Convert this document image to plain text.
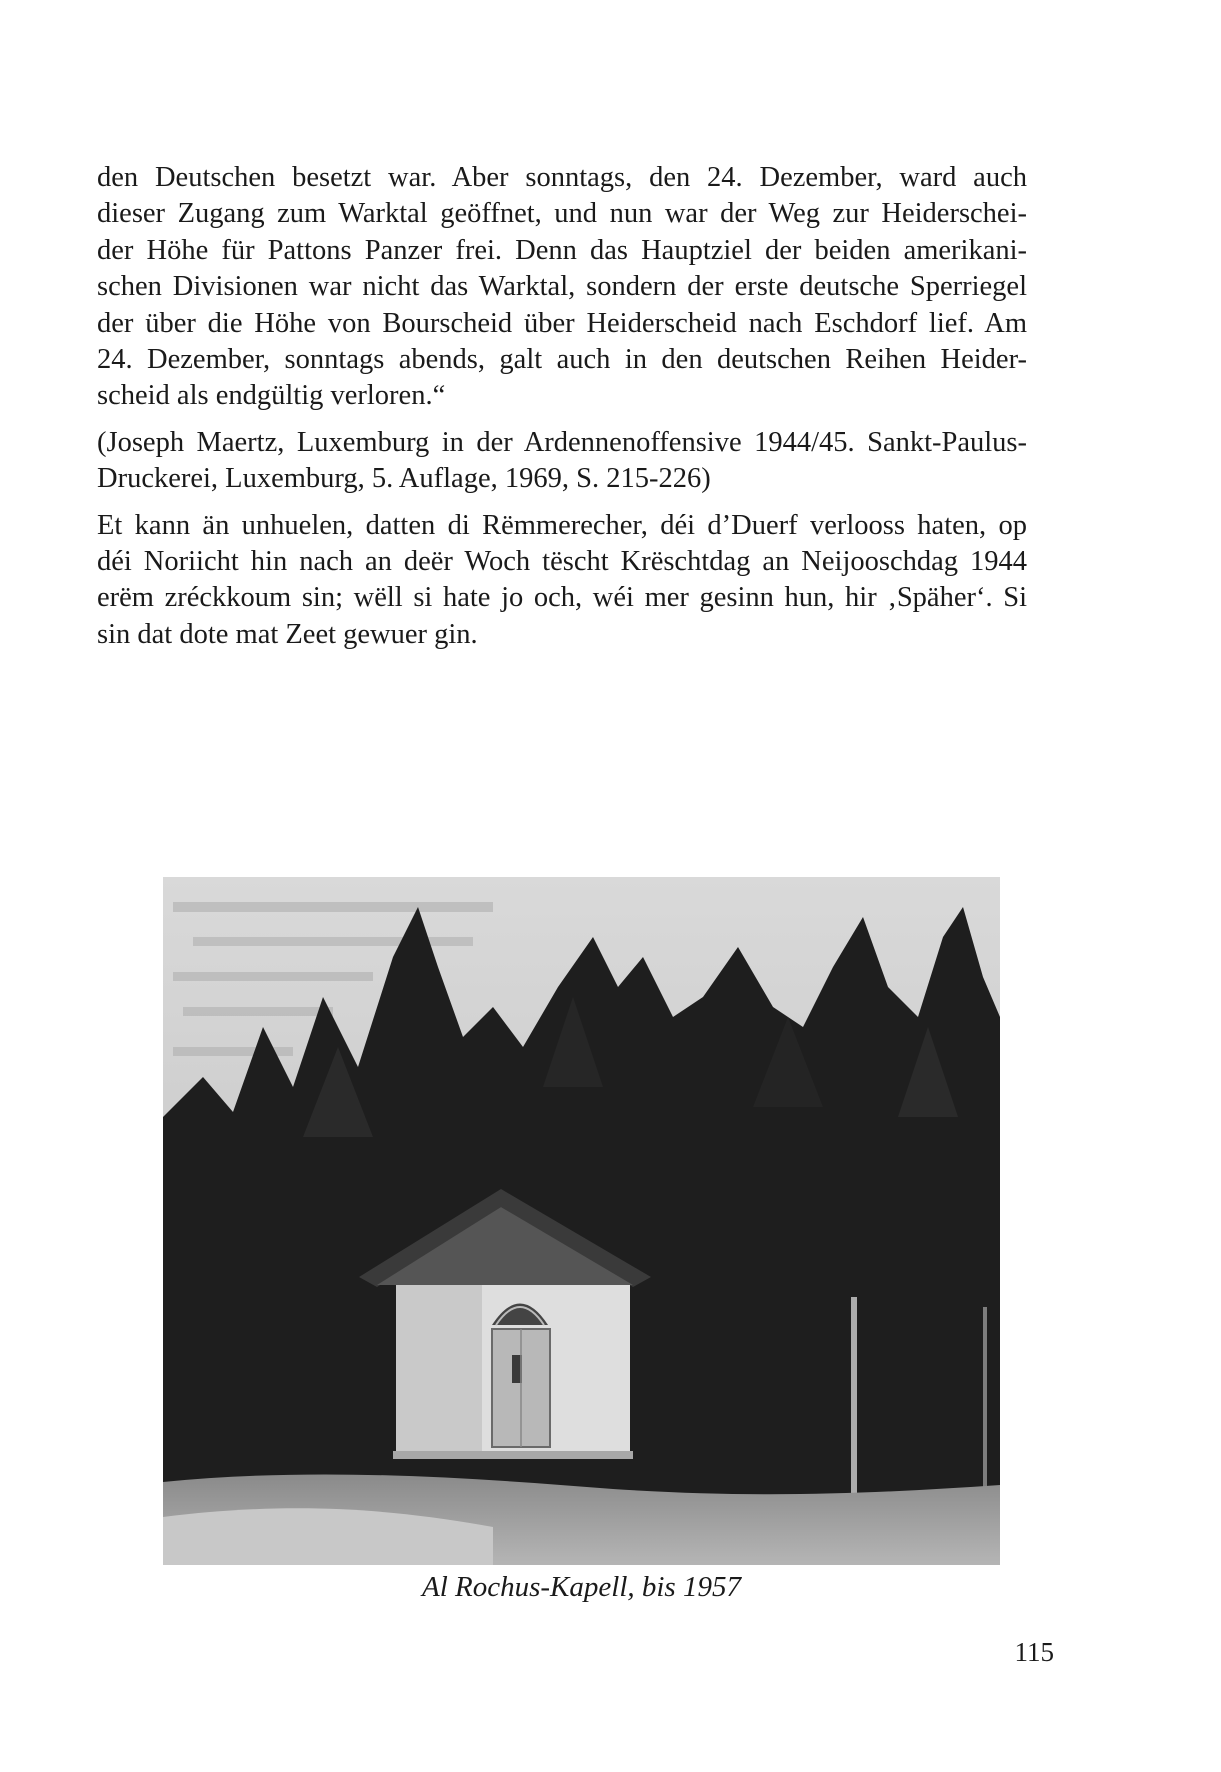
den Deutschen besetzt war. Aber sonntags, den 24. Dezember, ward auch
dieser Zugang zum Warktal geöffnet, und nun war der Weg zur Heiderschei-
der Höhe für Pattons Panzer frei. Denn das Hauptziel der beiden amerikani-
schen Divisionen war nicht das Warktal, sondern der erste deutsche Sperriegel
der über die Höhe von Bourscheid über Heiderscheid nach Eschdorf lief. Am
24. Dezember, sonntags abends, galt auch in den deutschen Reihen Heider-
scheid als endgültig verloren.“

(Joseph Maertz, Luxemburg in der Ardennenoffensive 1944/45. Sankt-Paulus-
Druckerei, Luxemburg, 5. Auflage, 1969, S. 215-226)

Et kann än unhuelen, datten di Rëmmerecher, déi d’Duerf verlooss haten, op
déi Noriicht hin nach an deër Woch tëscht Krëschtdag an Neijooschdag 1944
erëm zréckkoum sin; wëll si hate jo och, wéi mer gesinn hun, hir ‚Späher‘. Si
sin dat dote mat Zeet gewuer gin.

Al Rochus-Kapell, bis 1957
115
